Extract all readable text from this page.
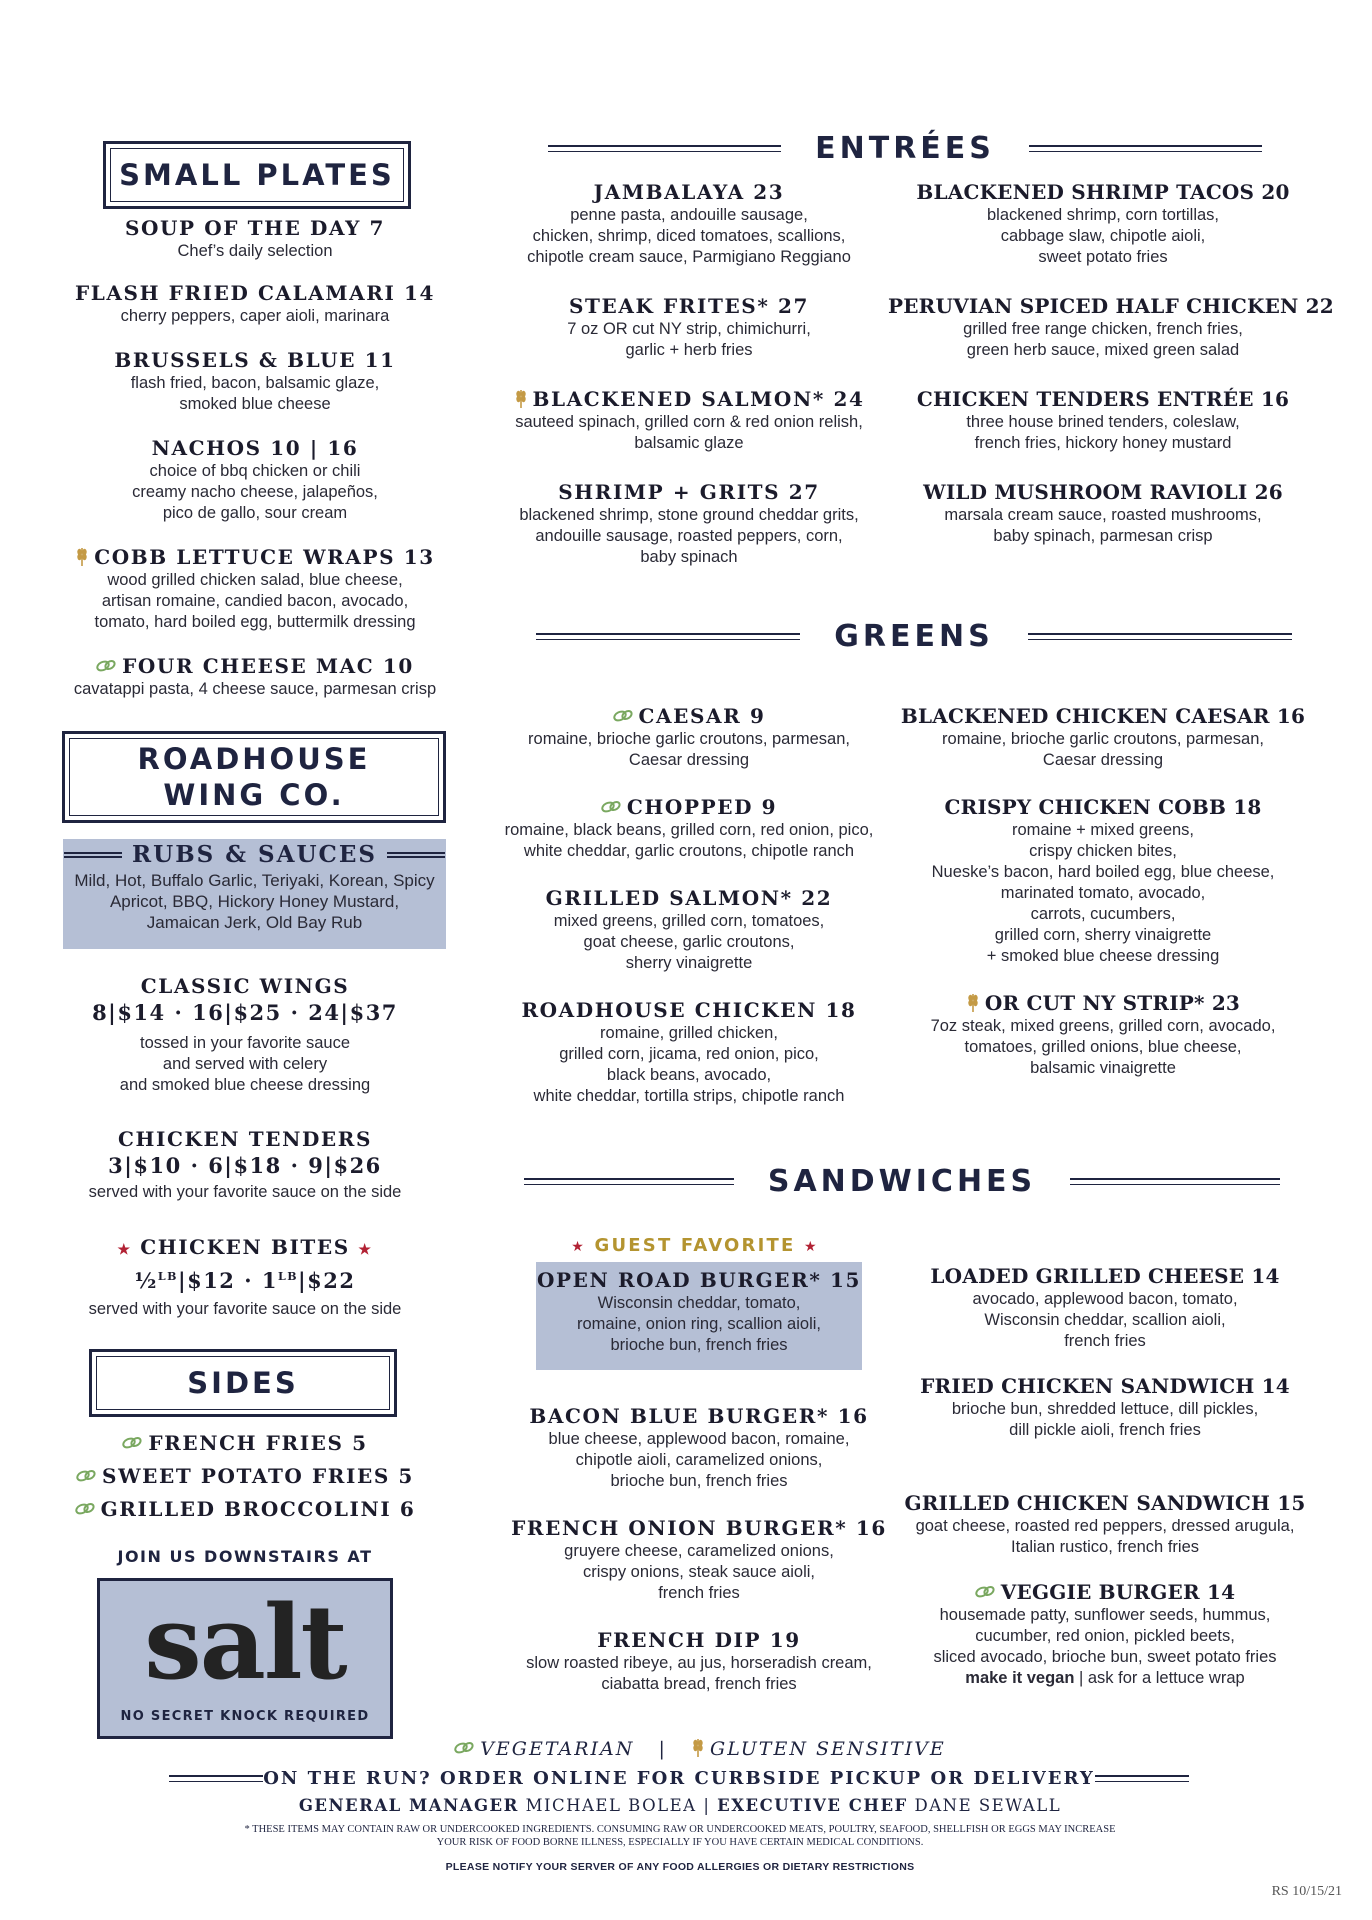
SMALL PLATES
SOUP OF THE DAY 7
Chef’s daily selection
FLASH FRIED CALAMARI 14
cherry peppers, caper aioli, marinara
BRUSSELS & BLUE 11
flash fried, bacon, balsamic glaze,
smoked blue cheese
NACHOS 10 | 16
choice of bbq chicken or chili
creamy nacho cheese, jalapeños,
pico de gallo, sour cream
COBB LETTUCE WRAPS 13
wood grilled chicken salad, blue cheese,
artisan romaine, candied bacon, avocado,
tomato, hard boiled egg, buttermilk dressing
FOUR CHEESE MAC 10
cavatappi pasta, 4 cheese sauce, parmesan crisp
ROADHOUSE
WING CO.
RUBS & SAUCES
Mild, Hot, Buffalo Garlic, Teriyaki, Korean, Spicy
Apricot, BBQ, Hickory Honey Mustard,
Jamaican Jerk, Old Bay Rub
CLASSIC WINGS
8|$14 · 16|$25 · 24|$37
tossed in your favorite sauce
and served with celery
and smoked blue cheese dressing
CHICKEN TENDERS
3|$10 · 6|$18 · 9|$26
served with your favorite sauce on the side
★ CHICKEN BITES ★
½$^{LB}$|$12 · $1^{LB}|\$22$
served with your favorite sauce on the side
SIDES
FRENCH FRIES 5
SWEET POTATO FRIES 5
GRILLED BROCCOLINI 6
JOIN US DOWNSTAIRS AT
salt
NO SECRET KNOCK REQUIRED
ENTRÉES
JAMBALAYA 23
penne pasta, andouille sausage,
chicken, shrimp, diced tomatoes, scallions,
chipotle cream sauce, Parmigiano Reggiano
STEAK FRITES* 27
7 oz OR cut NY strip, chimichurri,
garlic + herb fries
BLACKENED SALMON* 24
sauteed spinach, grilled corn & red onion relish,
balsamic glaze
SHRIMP + GRITS 27
blackened shrimp, stone ground cheddar grits,
andouille sausage, roasted peppers, corn,
baby spinach
BLACKENED SHRIMP TACOS 20
blackened shrimp, corn tortillas,
cabbage slaw, chipotle aioli,
sweet potato fries
PERUVIAN SPICED HALF CHICKEN 22
grilled free range chicken, french fries,
green herb sauce, mixed green salad
CHICKEN TENDERS ENTRÉE 16
three house brined tenders, coleslaw,
french fries, hickory honey mustard
WILD MUSHROOM RAVIOLI 26
marsala cream sauce, roasted mushrooms,
baby spinach, parmesan crisp
GREENS
CAESAR 9
romaine, brioche garlic croutons, parmesan,
Caesar dressing
CHOPPED 9
romaine, black beans, grilled corn, red onion, pico,
white cheddar, garlic croutons, chipotle ranch
GRILLED SALMON* 22
mixed greens, grilled corn, tomatoes,
goat cheese, garlic croutons,
sherry vinaigrette
ROADHOUSE CHICKEN 18
romaine, grilled chicken,
grilled corn, jicama, red onion, pico,
black beans, avocado,
white cheddar, tortilla strips, chipotle ranch
BLACKENED CHICKEN CAESAR 16
romaine, brioche garlic croutons, parmesan,
Caesar dressing
CRISPY CHICKEN COBB 18
romaine + mixed greens,
crispy chicken bites,
Nueske’s bacon, hard boiled egg, blue cheese,
marinated tomato, avocado,
carrots, cucumbers,
grilled corn, sherry vinaigrette
+ smoked blue cheese dressing
OR CUT NY STRIP* 23
7oz steak, mixed greens, grilled corn, avocado,
tomatoes, grilled onions, blue cheese,
balsamic vinaigrette
SANDWICHES
★ GUEST FAVORITE ★
OPEN ROAD BURGER* 15
Wisconsin cheddar, tomato,
romaine, onion ring, scallion aioli,
brioche bun, french fries
BACON BLUE BURGER* 16
blue cheese, applewood bacon, romaine,
chipotle aioli, caramelized onions,
brioche bun, french fries
FRENCH ONION BURGER* 16
gruyere cheese, caramelized onions,
crispy onions, steak sauce aioli,
french fries
FRENCH DIP 19
slow roasted ribeye, au jus, horseradish cream,
ciabatta bread, french fries
LOADED GRILLED CHEESE 14
avocado, applewood bacon, tomato,
Wisconsin cheddar, scallion aioli,
french fries
FRIED CHICKEN SANDWICH 14
brioche bun, shredded lettuce, dill pickles,
dill pickle aioli, french fries
GRILLED CHICKEN SANDWICH 15
goat cheese, roasted red peppers, dressed arugula,
Italian rustico, french fries
VEGGIE BURGER 14
housemade patty, sunflower seeds, hummus,
cucumber, red onion, pickled beets,
sliced avocado, brioche bun, sweet potato fries
make it vegan | ask for a lettuce wrap
VEGETARIAN | GLUTEN SENSITIVE
ON THE RUN? ORDER ONLINE FOR CURBSIDE PICKUP OR DELIVERY
GENERAL MANAGER MICHAEL BOLEA | EXECUTIVE CHEF DANE SEWALL
* THESE ITEMS MAY CONTAIN RAW OR UNDERCOOKED INGREDIENTS. CONSUMING RAW OR UNDERCOOKED MEATS, POULTRY, SEAFOOD, SHELLFISH OR EGGS MAY INCREASE
YOUR RISK OF FOOD BORNE ILLNESS, ESPECIALLY IF YOU HAVE CERTAIN MEDICAL CONDITIONS.
PLEASE NOTIFY YOUR SERVER OF ANY FOOD ALLERGIES OR DIETARY RESTRICTIONS
RS 10/15/21
